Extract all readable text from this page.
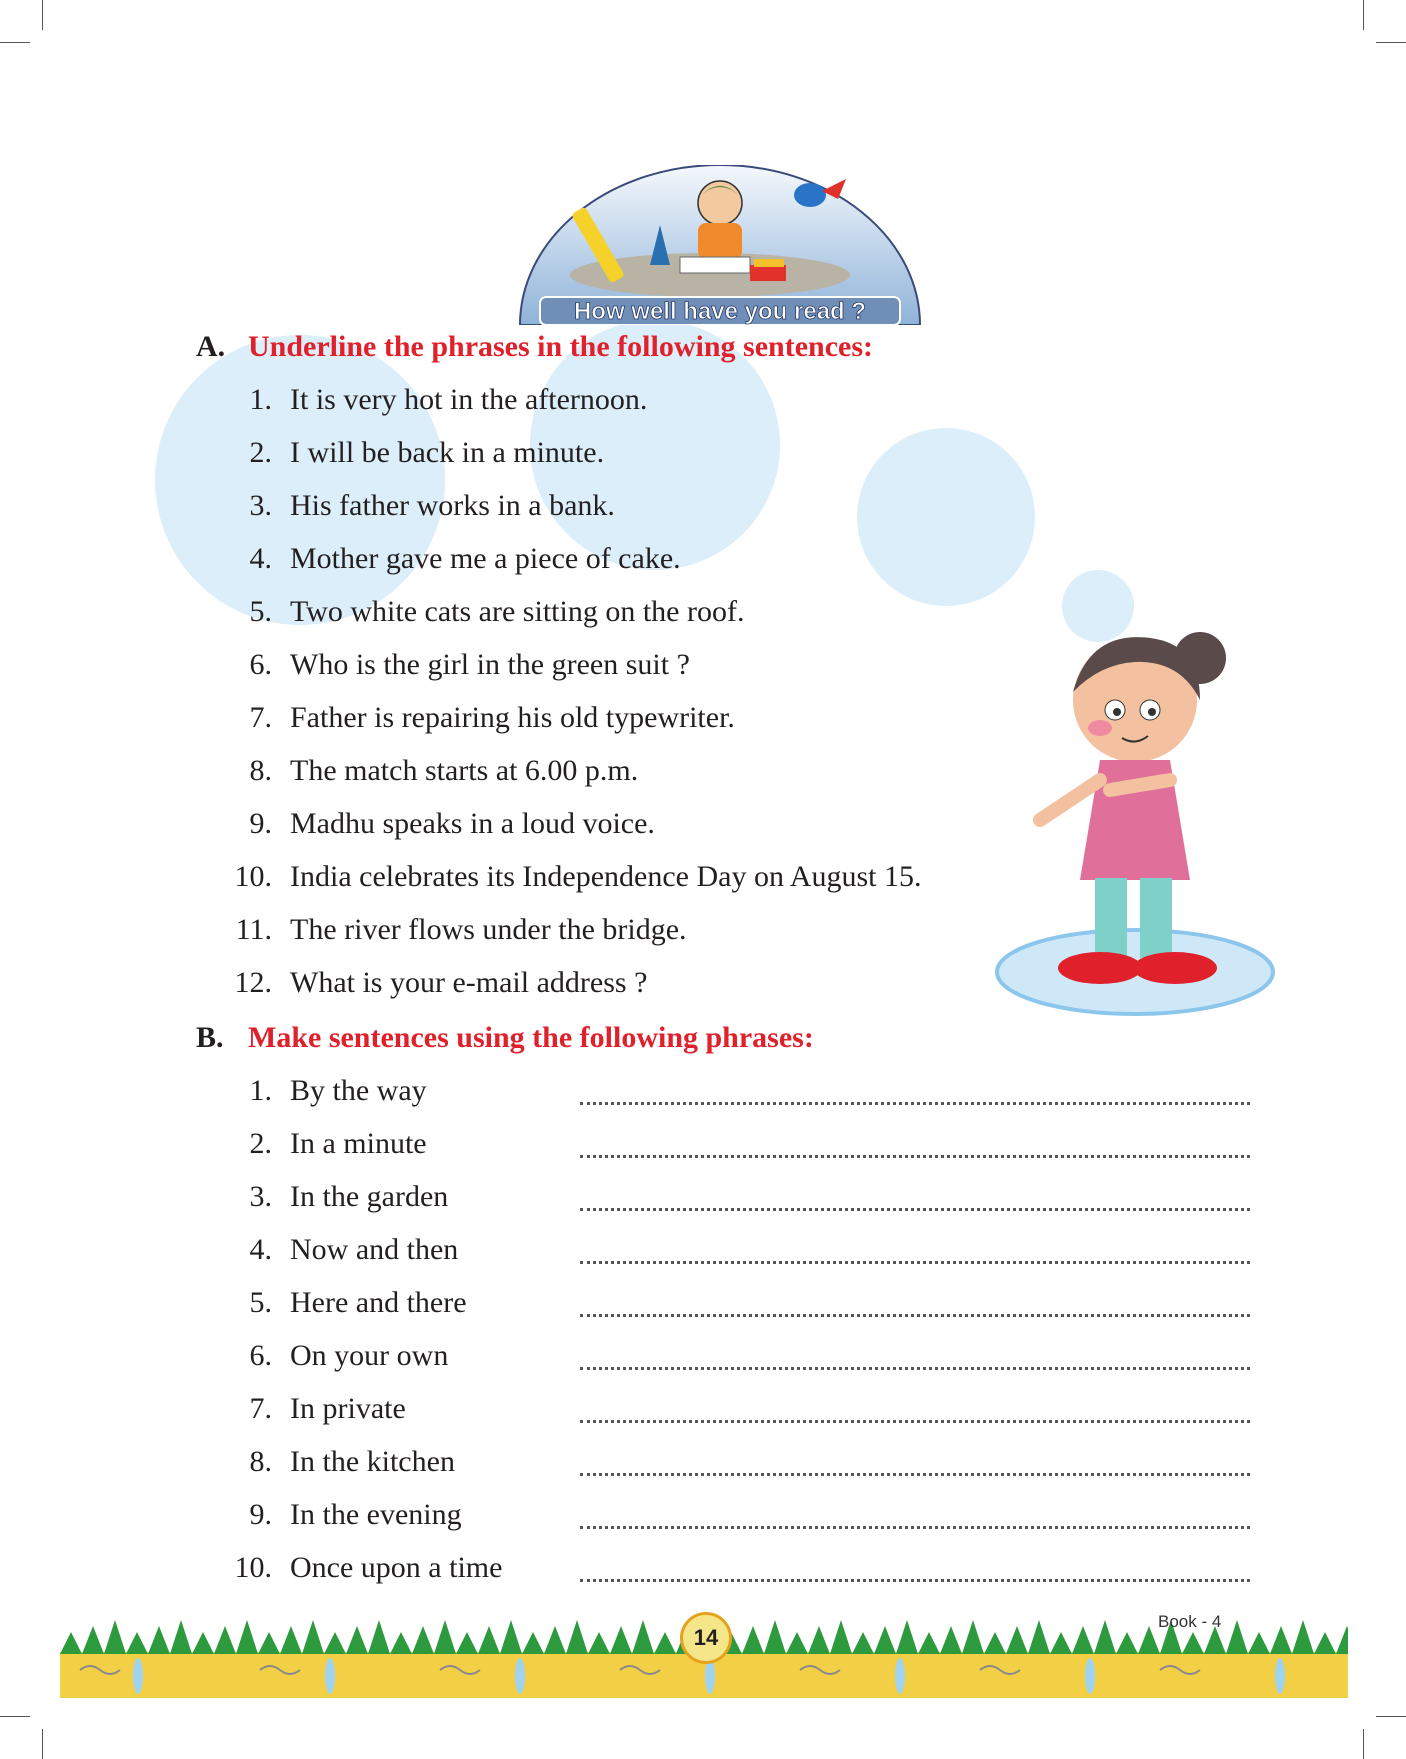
How well have you read ?
A. Underline the phrases in the following sentences:
1. It is very hot in the afternoon.
2. I will be back in a minute.
3. His father works in a bank.
4. Mother gave me a piece of cake.
5. Two white cats are sitting on the roof.
6. Who is the girl in the green suit ?
7. Father is repairing his old typewriter.
8. The match starts at 6.00 p.m.
9. Madhu speaks in a loud voice.
10. India celebrates its Independence Day on August 15.
11. The river flows under the bridge.
12. What is your e-mail address ?
B. Make sentences using the following phrases:
1. By the way
2. In a minute
3. In the garden
4. Now and then
5. Here and there
6. On your own
7. In private
8. In the kitchen
9. In the evening
10. Once upon a time
14
Book - 4
